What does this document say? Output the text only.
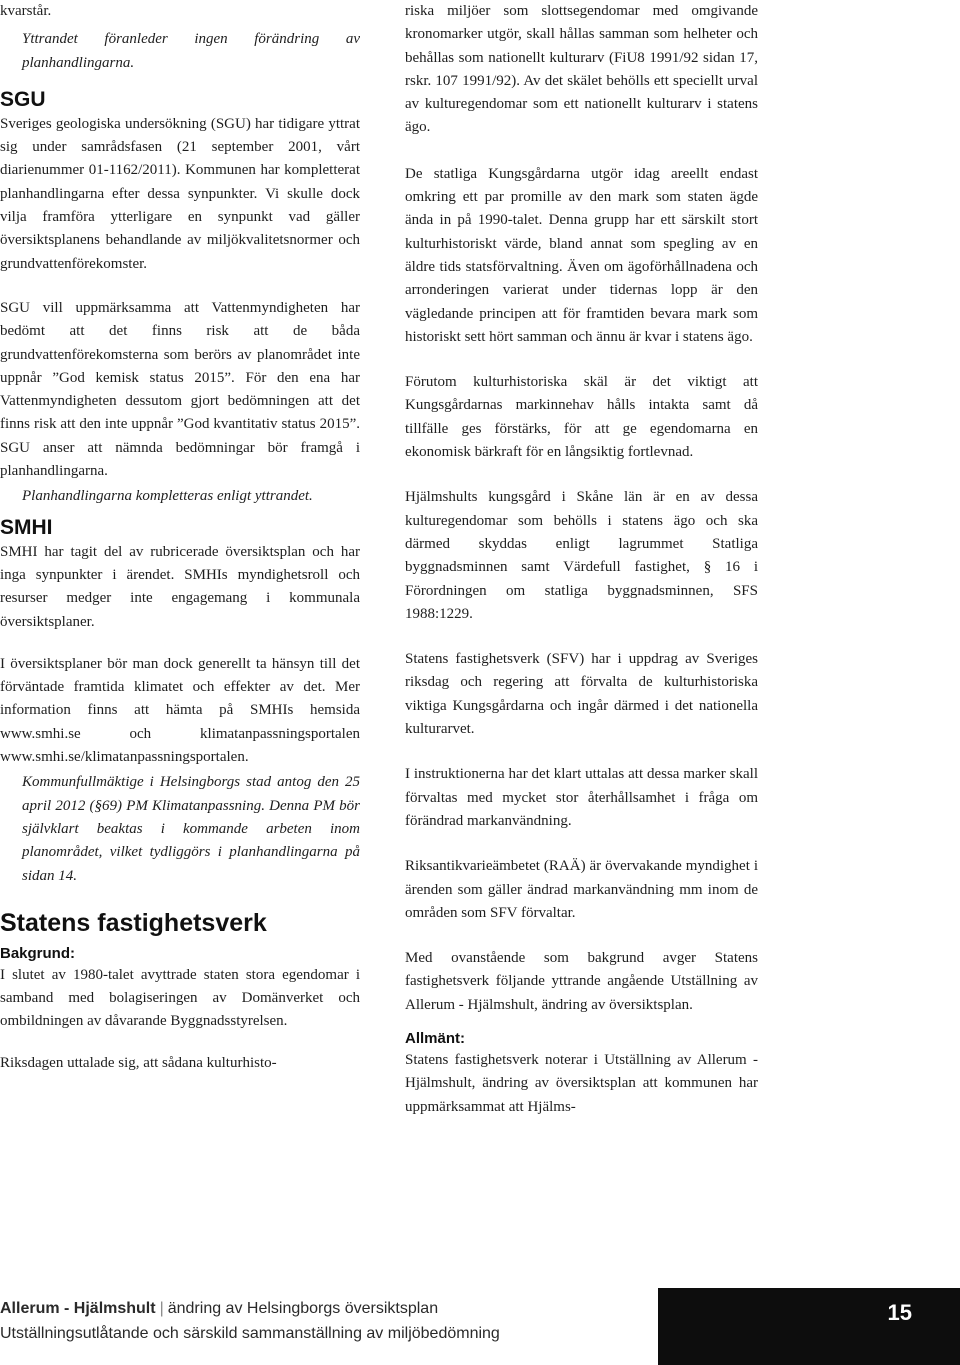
kvarstår.

Yttrandet föranleder ingen förändring av planhandlingarna.

SGU

Sveriges geologiska undersökning (SGU) har tidigare yttrat sig under samrådsfasen (21 september 2001, vårt diarienummer 01-1162/2011). Kommunen har kompletterat planhandlingarna efter dessa synpunkter. Vi skulle dock vilja framföra ytterligare en synpunkt vad gäller översiktsplanens behandlande av miljökvalitetsnormer och grundvattenförekomster.

SGU vill uppmärksamma att Vattenmyndigheten har bedömt att det finns risk att de båda grundvattenförekomsterna som berörs av planområdet inte uppnår ”God kemisk status 2015”. För den ena har Vattenmyndigheten dessutom gjort bedömningen att det finns risk att den inte uppnår ”God kvantitativ status 2015”. SGU anser att nämnda bedömningar bör framgå i planhandlingarna.

Planhandlingarna kompletteras enligt yttrandet.

SMHI

SMHI har tagit del av rubricerade översiktsplan och har inga synpunkter i ärendet. SMHIs myndighetsroll och resurser medger inte engagemang i kommunala översiktsplaner.

I översiktsplaner bör man dock generellt ta hänsyn till det förväntade framtida klimatet och effekter av det. Mer information finns att hämta på SMHIs hemsida www.smhi.se och klimatanpassningsportalen www.smhi.se/klimatanpassningsportalen.

Kommunfullmäktige i Helsingborgs stad antog den 25 april 2012 (§69) PM Klimatanpassning. Denna PM bör självklart beaktas i kommande arbeten inom planområdet, vilket tydliggörs i planhandlingarna på sidan 14.

Statens fastighetsverk
Bakgrund:

I slutet av 1980-talet avyttrade staten stora egendomar i samband med bolagiseringen av Domänverket och ombildningen av dåvarande Byggnadsstyrelsen.

Riksdagen uttalade sig, att sådana kulturhisto-

riska miljöer som slottsegendomar med omgivande kronomarker utgör, skall hållas samman som helheter och behållas som nationellt kulturarv (FiU8 1991/92 sidan 17, rskr. 107 1991/92). Av det skälet behölls ett speciellt urval av kulturegendomar som ett nationellt kulturarv i statens ägo.

De statliga Kungsgårdarna utgör idag areellt endast omkring ett par promille av den mark som staten ägde ända in på 1990-talet. Denna grupp har ett särskilt stort kulturhistoriskt värde, bland annat som spegling av en äldre tids statsförvaltning. Även om ägoförhållnadena och arronderingen varierat under tidernas lopp är den vägledande principen att för framtiden bevara mark som historiskt sett hört samman och ännu är kvar i statens ägo.

Förutom kulturhistoriska skäl är det viktigt att Kungsgårdarnas markinnehav hålls intakta samt då tillfälle ges förstärks, för att ge egendomarna en ekonomisk bärkraft för en långsiktig fortlevnad.

Hjälmshults kungsgård i Skåne län är en av dessa kulturegendomar som behölls i statens ägo och ska därmed skyddas enligt lagrummet Statliga byggnadsminnen samt Värdefull fastighet, § 16 i Förordningen om statliga byggnadsminnen, SFS 1988:1229.

Statens fastighetsverk (SFV) har i uppdrag av Sveriges riksdag och regering att förvalta de kulturhistoriska viktiga Kungsgårdarna och ingår därmed i det nationella kulturarvet.

I instruktionerna har det klart uttalas att dessa marker skall förvaltas med mycket stor återhållsamhet i fråga om förändrad markanvändning.

Riksantikvarieämbetet (RAÄ) är övervakande myndighet i ärenden som gäller ändrad markanvändning mm inom de områden som SFV förvaltar.

Med ovanstående som bakgrund avger Statens fastighetsverk följande yttrande angående Utställning av Allerum - Hjälmshult, ändring av översiktsplan.

Allmänt:

Statens fastighetsverk noterar i Utställning av Allerum - Hjälmshult, ändring av översiktsplan att kommunen har uppmärksammat att Hjälms-

Allerum - Hjälmshult | ändring av Helsingborgs översiktsplan
Utställningsutlåtande och särskild sammanställning av miljöbedömning
15
